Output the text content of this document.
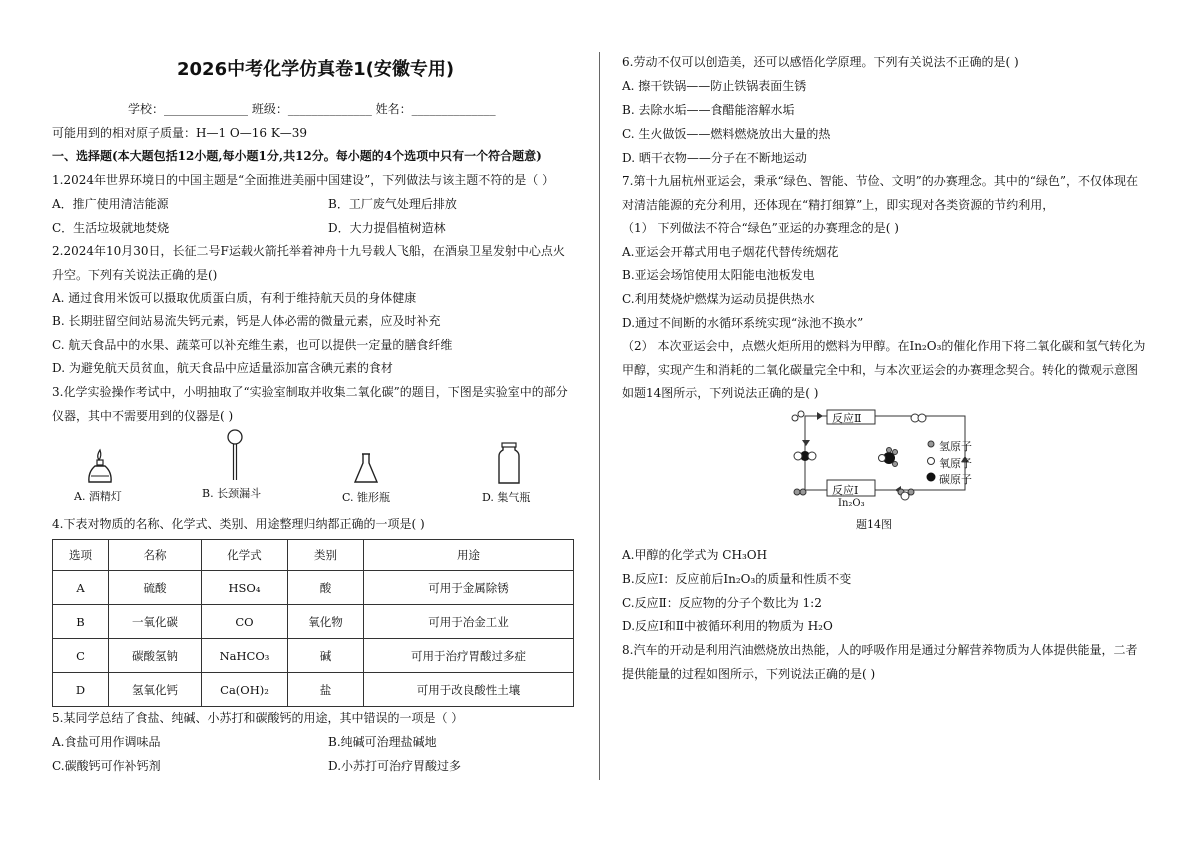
2026中考化学仿真卷1(安徽专用)
学校：______________ 班级：______________ 姓名：______________
可能用到的相对原子质量：H—1 O—16 K—39
一、选择题(本大题包括12小题,每小题1分,共12分。每小题的4个选项中只有一个符合题意)
1.2024年世界环境日的中国主题是“全面推进美丽中国建设”，下列做法与该主题不符的是（ ）
A．推广使用清洁能源	B．工厂废气处理后排放
C．生活垃圾就地焚烧	D．大力提倡植树造林
2.2024年10月30日，长征二号F运载火箭托举着神舟十九号载人飞船，在酒泉卫星发射中心点火
升空。下列有关说法正确的是()
A. 通过食用米饭可以摄取优质蛋白质，有利于维持航天员的身体健康
B. 长期驻留空间站易流失钙元素，钙是人体必需的微量元素，应及时补充
C. 航天食品中的水果、蔬菜可以补充维生素，也可以提供一定量的膳食纤维
D. 为避免航天员贫血，航天食品中应适量添加富含碘元素的食材
3.化学实验操作考试中，小明抽取了“实验室制取并收集二氧化碳”的题目，下图是实验室中的部分
仪器，其中不需要用到的仪器是( )
A. 酒精灯	B. 长颈漏斗	C. 锥形瓶	D. 集气瓶
4.下表对物质的名称、化学式、类别、用途整理归纳都正确的一项是( )
选项	名称	化学式	类别	用途
A	硫酸	HSO₄	酸	可用于金属除锈
B	一氧化碳	CO	氧化物	可用于冶金工业
C	碳酸氢钠	NaHCO₃	碱	可用于治疗胃酸过多症
D	氢氧化钙	Ca(OH)₂	盐	可用于改良酸性土壤
5.某同学总结了食盐、纯碱、小苏打和碳酸钙的用途，其中错误的一项是（ ）
A.食盐可用作调味品	B.纯碱可治理盐碱地
C.碳酸钙可作补钙剂	D.小苏打可治疗胃酸过多
6.劳动不仅可以创造美，还可以感悟化学原理。下列有关说法不正确的是( )
A. 擦干铁锅——防止铁锅表面生锈
B. 去除水垢——食醋能溶解水垢
C. 生火做饭——燃料燃烧放出大量的热
D. 晒干衣物——分子在不断地运动
7.第十九届杭州亚运会，秉承“绿色、智能、节俭、文明”的办赛理念。其中的“绿色”，不仅体现在
对清洁能源的充分利用，还体现在“精打细算”上，即实现对各类资源的节约利用，
（1） 下列做法不符合“绿色”亚运的办赛理念的是( )
A.亚运会开幕式用电子烟花代替传统烟花
B.亚运会场馆使用太阳能电池板发电
C.利用焚烧炉燃煤为运动员提供热水
D.通过不间断的水循环系统实现“泳池不换水”
（2） 本次亚运会中，点燃火炬所用的燃料为甲醇。在In₂O₃的催化作用下将二氧化碳和氢气转化为
甲醇，实现产生和消耗的二氧化碳量完全中和，与本次亚运会的办赛理念契合。转化的微观示意图
如题14图所示，下列说法正确的是( )
反应Ⅱ
反应Ⅰ
In₂O₃
氢原子
氧原子
碳原子
题14图
A.甲醇的化学式为 CH₃OH
B.反应Ⅰ：反应前后In₂O₃的质量和性质不变
C.反应Ⅱ：反应物的分子个数比为 1:2
D.反应Ⅰ和Ⅱ中被循环利用的物质为 H₂O
8.汽车的开动是利用汽油燃烧放出热能，人的呼吸作用是通过分解营养物质为人体提供能量，二者
提供能量的过程如图所示，下列说法正确的是( )
